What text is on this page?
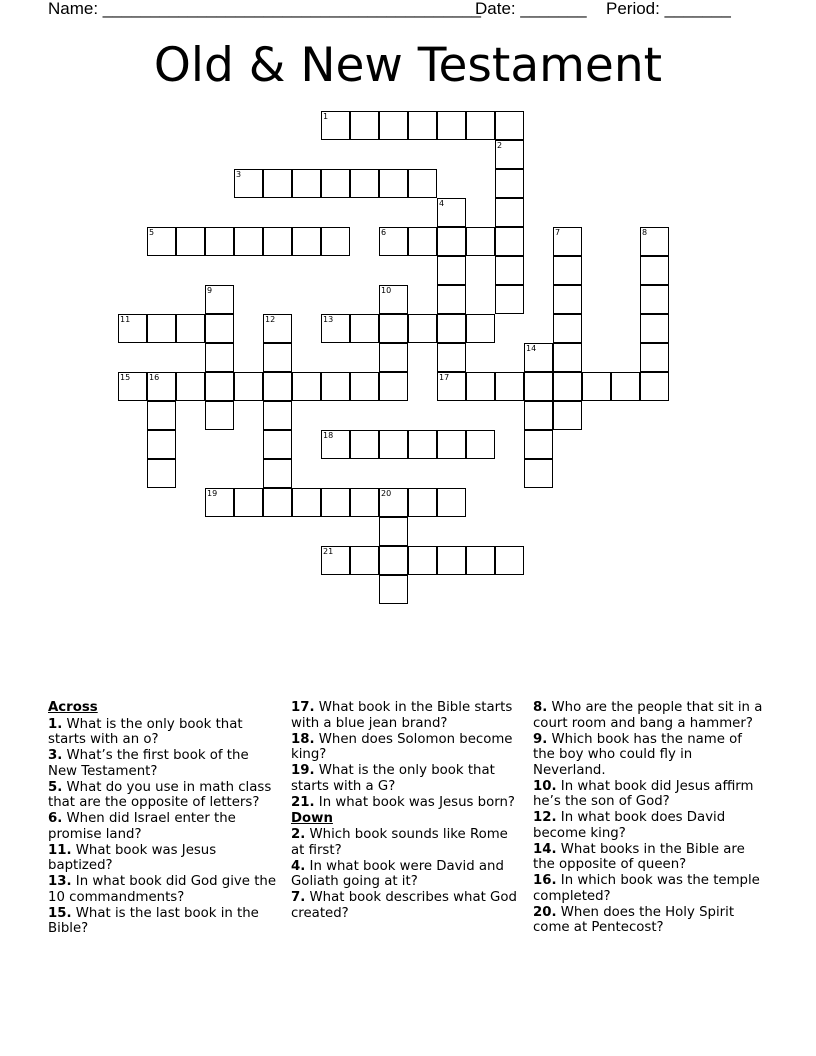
Name: ________________________________________
Date: _______ Period: _______
Old & New Testament
1
2
3
4
5	6	7	8
9	10
11	12	13
14
15 16	17
18
19	20
21
Across
1. What is the only book that starts with an o?
3. What’s the first book of the New Testament?
5. What do you use in math class that are the opposite of letters?
6. When did Israel enter the promise land?
11. What book was Jesus baptized?
13. In what book did God give the 10 commandments?
15. What is the last book in the Bible?
17. What book in the Bible starts with a blue jean brand?
18. When does Solomon become king?
19. What is the only book that starts with a G?
21. In what book was Jesus born?
Down
2. Which book sounds like Rome at first?
4. In what book were David and Goliath going at it?
7. What book describes what God created?
8. Who are the people that sit in a court room and bang a hammer?
9. Which book has the name of the boy who could fly in Neverland.
10. In what book did Jesus affirm he’s the son of God?
12. In what book does David become king?
14. What books in the Bible are the opposite of queen?
16. In which book was the temple completed?
20. When does the Holy Spirit come at Pentecost?
